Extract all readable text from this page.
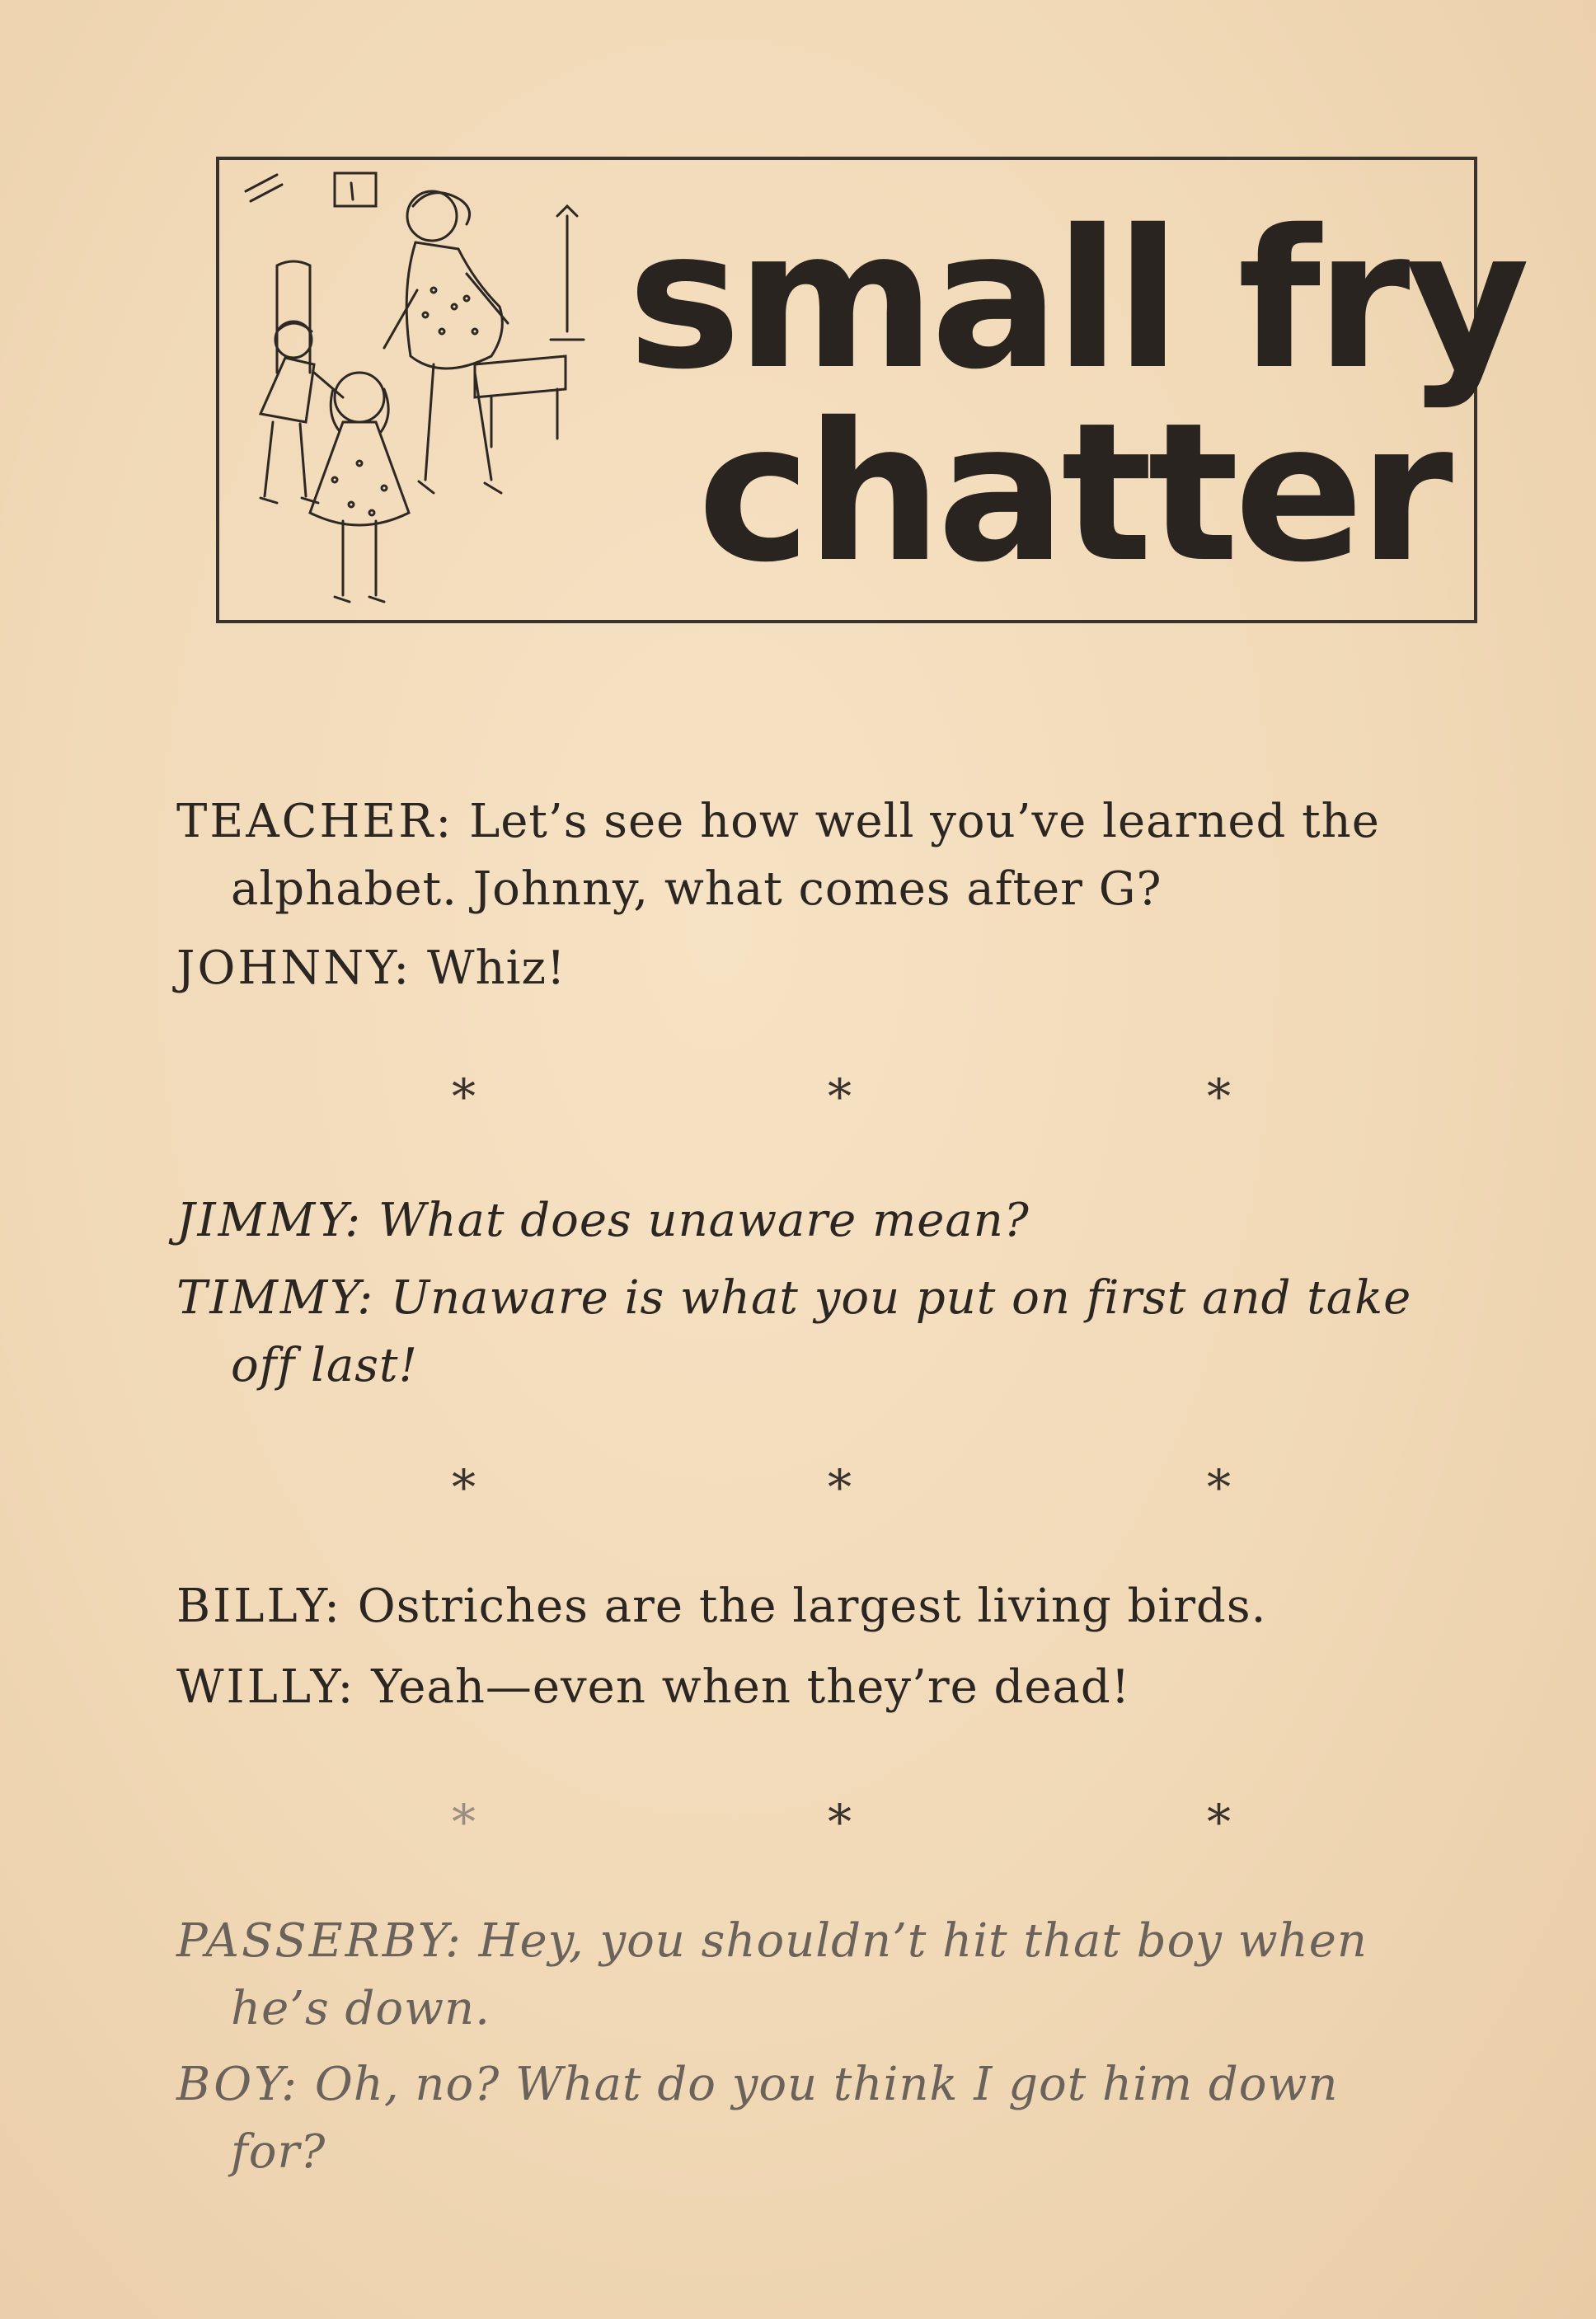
small fry
chatter
TEACHER: Let’s see how well you’ve learned the
alphabet. Johnny, what comes after G?
JOHNNY: Whiz!
*	*	*
JIMMY: What does unaware mean?
TIMMY: Unaware is what you put on first and take
off last!
*	*	*
BILLY: Ostriches are the largest living birds.
WILLY: Yeah—even when they’re dead!
*	*	*
PASSERBY: Hey, you shouldn’t hit that boy when
he’s down.
BOY: Oh, no? What do you think I got him down
for?
